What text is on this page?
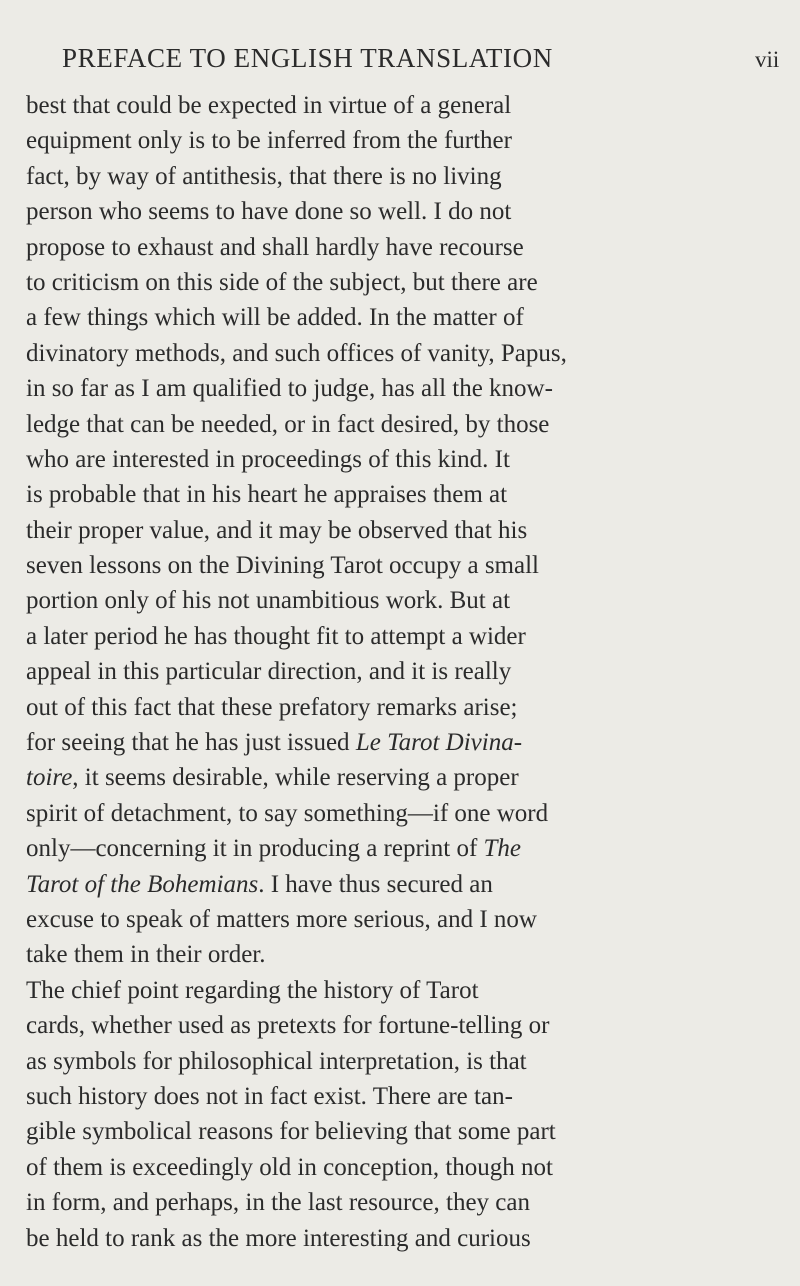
PREFACE TO ENGLISH TRANSLATION	vii
best that could be expected in virtue of a general
equipment only is to be inferred from the further
fact, by way of antithesis, that there is no living
person who seems to have done so well. I do not
propose to exhaust and shall hardly have recourse
to criticism on this side of the subject, but there are
a few things which will be added. In the matter of
divinatory methods, and such offices of vanity, Papus,
in so far as I am qualified to judge, has all the know-
ledge that can be needed, or in fact desired, by those
who are interested in proceedings of this kind. It
is probable that in his heart he appraises them at
their proper value, and it may be observed that his
seven lessons on the Divining Tarot occupy a small
portion only of his not unambitious work. But at
a later period he has thought fit to attempt a wider
appeal in this particular direction, and it is really
out of this fact that these prefatory remarks arise;
for seeing that he has just issued Le Tarot Divina-
toire, it seems desirable, while reserving a proper
spirit of detachment, to say something—if one word
only—concerning it in producing a reprint of The
Tarot of the Bohemians. I have thus secured an
excuse to speak of matters more serious, and I now
take them in their order.
The chief point regarding the history of Tarot
cards, whether used as pretexts for fortune-telling or
as symbols for philosophical interpretation, is that
such history does not in fact exist. There are tan-
gible symbolical reasons for believing that some part
of them is exceedingly old in conception, though not
in form, and perhaps, in the last resource, they can
be held to rank as the more interesting and curious
